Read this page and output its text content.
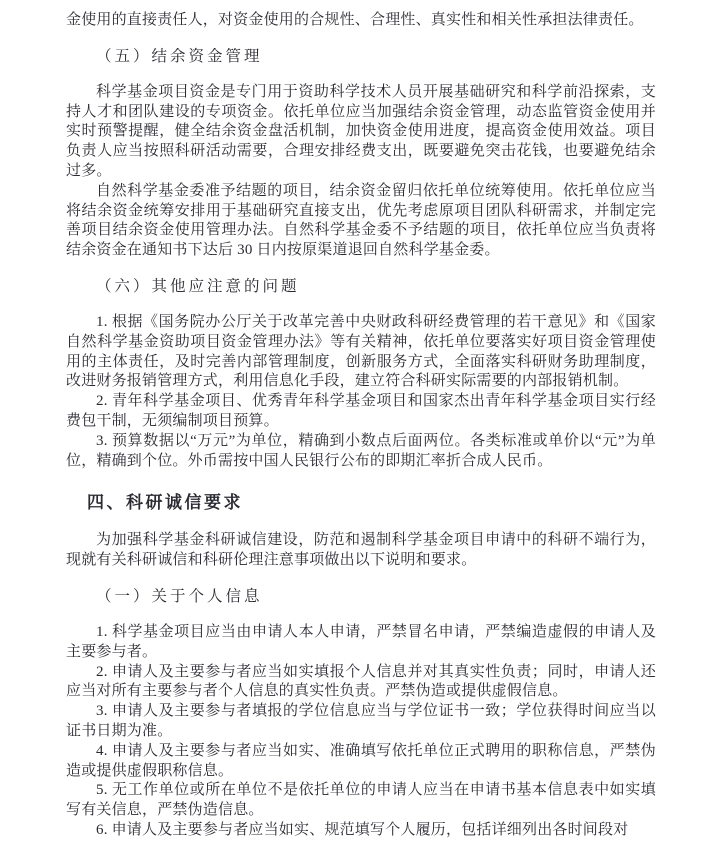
金使用的直接责任人，对资金使用的合规性、合理性、真实性和相关性承担法律责任。

（五）结余资金管理

科学基金项目资金是专门用于资助科学技术人员开展基础研究和科学前沿探索，支持人才和团队建设的专项资金。依托单位应当加强结余资金管理，动态监管资金使用并实时预警提醒，健全结余资金盘活机制，加快资金使用进度，提高资金使用效益。项目负责人应当按照科研活动需要，合理安排经费支出，既要避免突击花钱，也要避免结余过多。

自然科学基金委准予结题的项目，结余资金留归依托单位统筹使用。依托单位应当将结余资金统筹安排用于基础研究直接支出，优先考虑原项目团队科研需求，并制定完善项目结余资金使用管理办法。自然科学基金委不予结题的项目，依托单位应当负责将结余资金在通知书下达后 30 日内按原渠道退回自然科学基金委。

（六）其他应注意的问题

1. 根据《国务院办公厅关于改革完善中央财政科研经费管理的若干意见》和《国家自然科学基金资助项目资金管理办法》等有关精神，依托单位要落实好项目资金管理使用的主体责任，及时完善内部管理制度，创新服务方式，全面落实科研财务助理制度，改进财务报销管理方式，利用信息化手段，建立符合科研实际需要的内部报销机制。

2. 青年科学基金项目、优秀青年科学基金项目和国家杰出青年科学基金项目实行经费包干制，无须编制项目预算。

3. 预算数据以“万元”为单位，精确到小数点后面两位。各类标准或单价以“元”为单位，精确到个位。外币需按中国人民银行公布的即期汇率折合成人民币。

四、科研诚信要求

为加强科学基金科研诚信建设，防范和遏制科学基金项目申请中的科研不端行为，现就有关科研诚信和科研伦理注意事项做出以下说明和要求。

（一）关于个人信息

1. 科学基金项目应当由申请人本人申请，严禁冒名申请，严禁编造虚假的申请人及主要参与者。

2. 申请人及主要参与者应当如实填报个人信息并对其真实性负责；同时，申请人还应当对所有主要参与者个人信息的真实性负责。严禁伪造或提供虚假信息。

3. 申请人及主要参与者填报的学位信息应当与学位证书一致；学位获得时间应当以证书日期为准。

4. 申请人及主要参与者应当如实、准确填写依托单位正式聘用的职称信息，严禁伪造或提供虚假职称信息。

5. 无工作单位或所在单位不是依托单位的申请人应当在申请书基本信息表中如实填写有关信息，严禁伪造信息。

6. 申请人及主要参与者应当如实、规范填写个人履历，包括详细列出各时间段对
